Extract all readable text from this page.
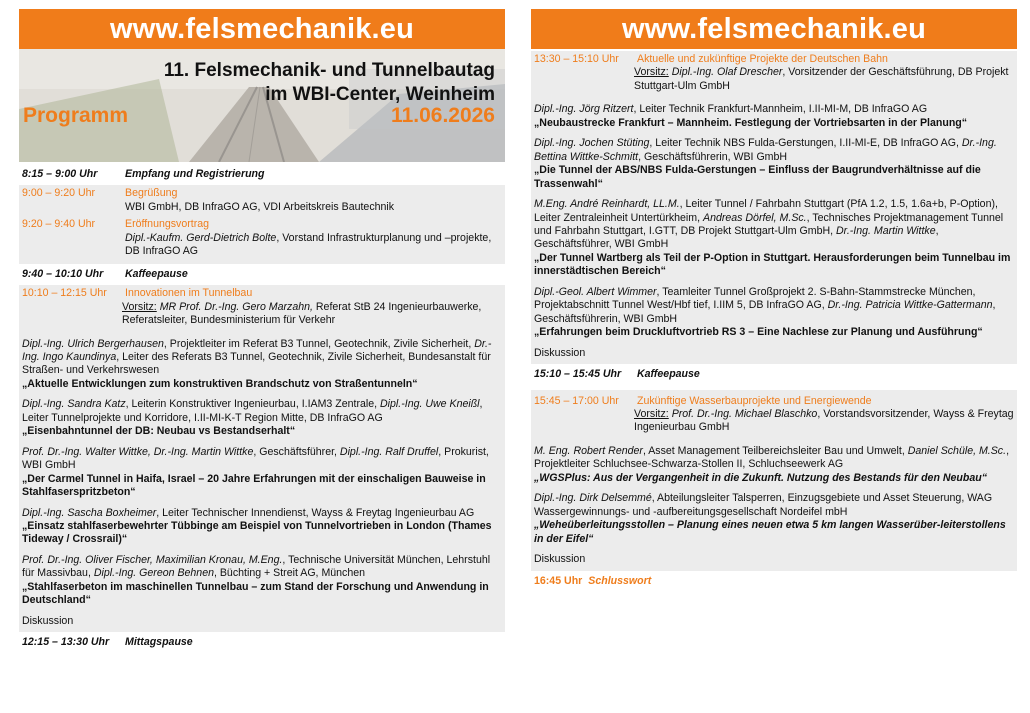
www.felsmechanik.eu
11. Felsmechanik- und Tunnelbautag
im WBI-Center, Weinheim
Programm	11.06.2026
8:15 – 9:00 Uhr	Empfang und Registrierung
9:00 – 9:20 Uhr	Begrüßung
WBI GmbH, DB InfraGO AG, VDI Arbeitskreis Bautechnik
9:20 – 9:40 Uhr	Eröffnungsvortrag
Dipl.-Kaufm. Gerd-Dietrich Bolte, Vorstand Infrastrukturplanung und –projekte, DB InfraGO AG
9:40 – 10:10 Uhr	Kaffeepause
10:10 – 12:15 Uhr	Innovationen im Tunnelbau
Vorsitz: MR Prof. Dr.-Ing. Gero Marzahn, Referat StB 24 Ingenieurbauwerke, Referatsleiter, Bundesministerium für Verkehr
Dipl.-Ing. Ulrich Bergerhausen, Projektleiter im Referat B3 Tunnel, Geotechnik, Zivile Sicherheit, Dr.-Ing. Ingo Kaundinya, Leiter des Referats B3 Tunnel, Geotechnik, Zivile Sicherheit, Bundesanstalt für Straßen- und Verkehrswesen
„Aktuelle Entwicklungen zum konstruktiven Brandschutz von Straßentunneln“
Dipl.-Ing. Sandra Katz, Leiterin Konstruktiver Ingenieurbau, I.IAM3 Zentrale, Dipl.-Ing. Uwe Kneißl, Leiter Tunnelprojekte und Korridore, I.II-MI-K-T Region Mitte, DB InfraGO AG
„Eisenbahntunnel der DB: Neubau vs Bestandserhalt“
Prof. Dr.-Ing. Walter Wittke, Dr.-Ing. Martin Wittke, Geschäftsführer, Dipl.-Ing. Ralf Druffel, Prokurist, WBI GmbH
„Der Carmel Tunnel in Haifa, Israel – 20 Jahre Erfahrungen mit der einschaligen Bauweise in Stahlfaserspritzbeton“
Dipl.-Ing. Sascha Boxheimer, Leiter Technischer Innendienst, Wayss & Freytag Ingenieurbau AG
„Einsatz stahlfaserbewehrter Tübbinge am Beispiel von Tunnelvortrieben in London (Thames Tideway / Crossrail)“
Prof. Dr.-Ing. Oliver Fischer, Maximilian Kronau, M.Eng., Technische Universität München, Lehrstuhl für Massivbau, Dipl.-Ing. Gereon Behnen, Büchting + Streit AG, München
„Stahlfaserbeton im maschinellen Tunnelbau – zum Stand der Forschung und Anwendung in Deutschland“
Diskussion
12:15 – 13:30 Uhr	Mittagspause
www.felsmechanik.eu
13:30 – 15:10 Uhr	Aktuelle und zukünftige Projekte der Deutschen Bahn
Vorsitz: Dipl.-Ing. Olaf Drescher, Vorsitzender der Geschäftsführung, DB Projekt Stuttgart-Ulm GmbH
Dipl.-Ing. Jörg Ritzert, Leiter Technik Frankfurt-Mannheim, I.II-MI-M, DB InfraGO AG
„Neubaustrecke Frankfurt – Mannheim. Festlegung der Vortriebsarten in der Planung“
Dipl.-Ing. Jochen Stüting, Leiter Technik NBS Fulda-Gerstungen, I.II-MI-E, DB InfraGO AG, Dr.-Ing. Bettina Wittke-Schmitt, Geschäftsführerin, WBI GmbH
„Die Tunnel der ABS/NBS Fulda-Gerstungen – Einfluss der Baugrundverhältnisse auf die Trassenwahl“
M.Eng. André Reinhardt, LL.M., Leiter Tunnel / Fahrbahn Stuttgart (PfA 1.2, 1.5, 1.6a+b, P-Option), Leiter Zentraleinheit Untertürkheim, Andreas Dörfel, M.Sc., Technisches Projektmanagement Tunnel und Fahrbahn Stuttgart, I.GTT, DB Projekt Stuttgart-Ulm GmbH, Dr.-Ing. Martin Wittke, Geschäftsführer, WBI GmbH
„Der Tunnel Wartberg als Teil der P-Option in Stuttgart. Herausforderungen beim Tunnelbau im innerstädtischen Bereich“
Dipl.-Geol. Albert Wimmer, Teamleiter Tunnel Großprojekt 2. S-Bahn-Stammstrecke München, Projektabschnitt Tunnel West/Hbf tief, I.IIM 5, DB InfraGO AG, Dr.-Ing. Patricia Wittke-Gattermann, Geschäftsführerin, WBI GmbH
„Erfahrungen beim Druckluftvortrieb RS 3 – Eine Nachlese zur Planung und Ausführung“
Diskussion
15:10 – 15:45 Uhr	Kaffeepause
15:45 – 17:00 Uhr	Zukünftige Wasserbauprojekte und Energiewende
Vorsitz: Prof. Dr.-Ing. Michael Blaschko, Vorstandsvorsitzender, Wayss & Freytag Ingenieurbau GmbH
M. Eng. Robert Render, Asset Management Teilbereichsleiter Bau und Umwelt, Daniel Schüle, M.Sc., Projektleiter Schluchsee-Schwarza-Stollen II, Schluchseewerk AG
„WGSPlus: Aus der Vergangenheit in die Zukunft. Nutzung des Bestands für den Neubau“
Dipl.-Ing. Dirk Delsemmé, Abteilungsleiter Talsperren, Einzugsgebiete und Asset Steuerung, WAG Wassergewinnungs- und -aufbereitungsgesellschaft Nordeifel mbH
„Weheüberleitungsstollen – Planung eines neuen etwa 5 km langen Wasserüber-leiterstollens in der Eifel“
Diskussion
16:45 Uhr Schlusswort
